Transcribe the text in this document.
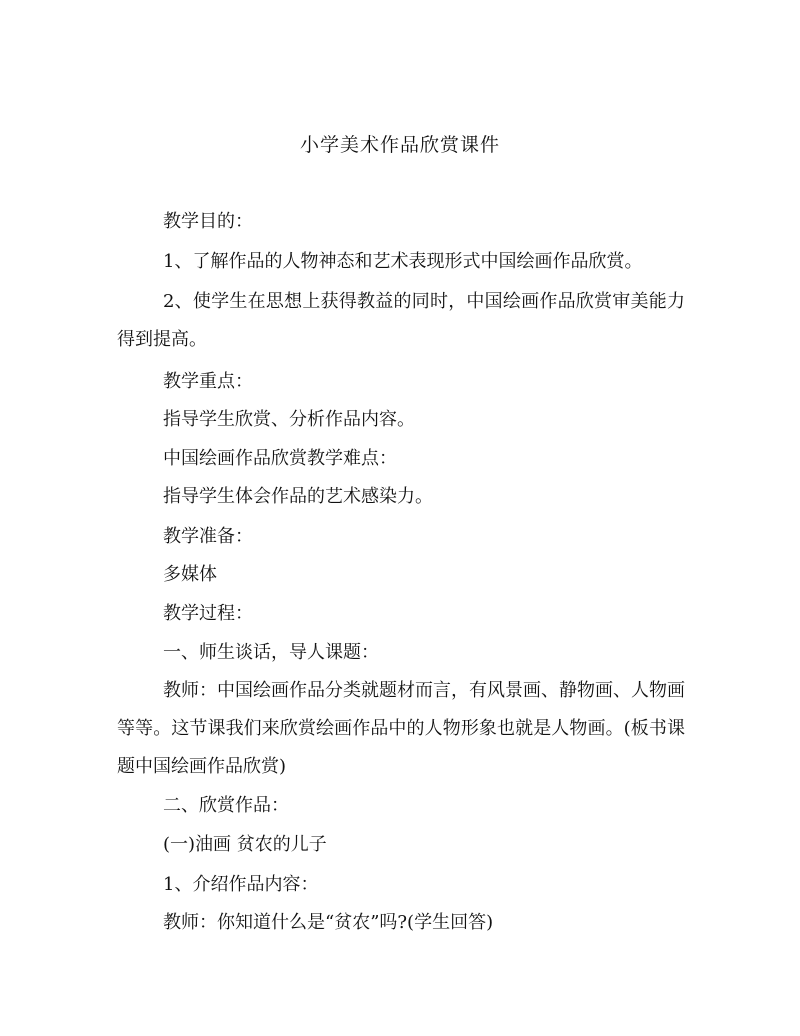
小学美术作品欣赏课件

教学目的：

1、了解作品的人物神态和艺术表现形式中国绘画作品欣赏。

2、使学生在思想上获得教益的同时，中国绘画作品欣赏审美能力得到提高。

教学重点：

指导学生欣赏、分析作品内容。

中国绘画作品欣赏教学难点：

指导学生体会作品的艺术感染力。

教学准备：

多媒体

教学过程：

一、师生谈话，导人课题：

教师：中国绘画作品分类就题材而言，有风景画、静物画、人物画等等。这节课我们来欣赏绘画作品中的人物形象也就是人物画。(板书课题中国绘画作品欣赏)

二、欣赏作品：

(一)油画 贫农的儿子

1、介绍作品内容：

教师：你知道什么是“贫农”吗?(学生回答)
